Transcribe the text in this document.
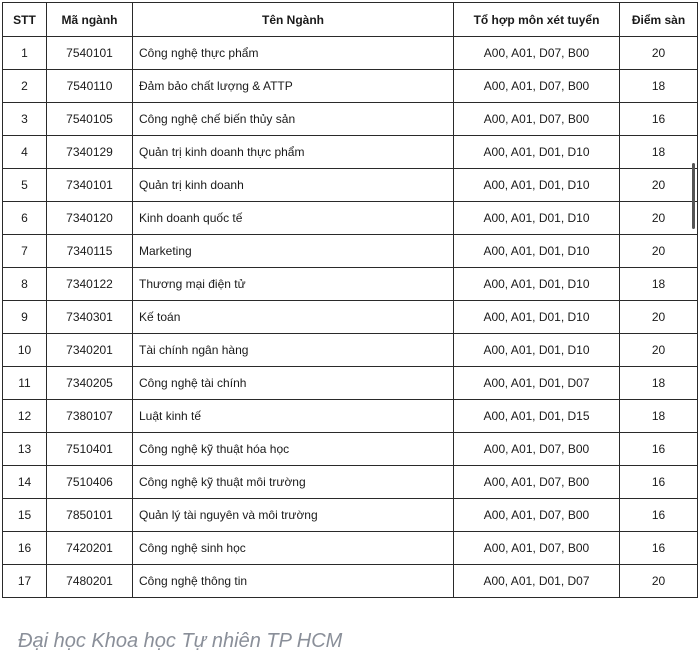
STT	Mã ngành	Tên Ngành	Tổ hợp môn xét tuyển	Điểm sàn
1	7540101	Công nghệ thực phẩm	A00, A01, D07, B00	20
2	7540110	Đảm bảo chất lượng & ATTP	A00, A01, D07, B00	18
3	7540105	Công nghệ chế biến thủy sản	A00, A01, D07, B00	16
4	7340129	Quản trị kinh doanh thực phẩm	A00, A01, D01, D10	18
5	7340101	Quản trị kinh doanh	A00, A01, D01, D10	20
6	7340120	Kinh doanh quốc tế	A00, A01, D01, D10	20
7	7340115	Marketing	A00, A01, D01, D10	20
8	7340122	Thương mại điện tử	A00, A01, D01, D10	18
9	7340301	Kế toán	A00, A01, D01, D10	20
10	7340201	Tài chính ngân hàng	A00, A01, D01, D10	20
11	7340205	Công nghệ tài chính	A00, A01, D01, D07	18
12	7380107	Luật kinh tế	A00, A01, D01, D15	18
13	7510401	Công nghệ kỹ thuật hóa học	A00, A01, D07, B00	16
14	7510406	Công nghệ kỹ thuật môi trường	A00, A01, D07, B00	16
15	7850101	Quản lý tài nguyên và môi trường	A00, A01, D07, B00	16
16	7420201	Công nghệ sinh học	A00, A01, D07, B00	16
17	7480201	Công nghệ thông tin	A00, A01, D01, D07	20
Đại học Khoa học Tự nhiên TP HCM
